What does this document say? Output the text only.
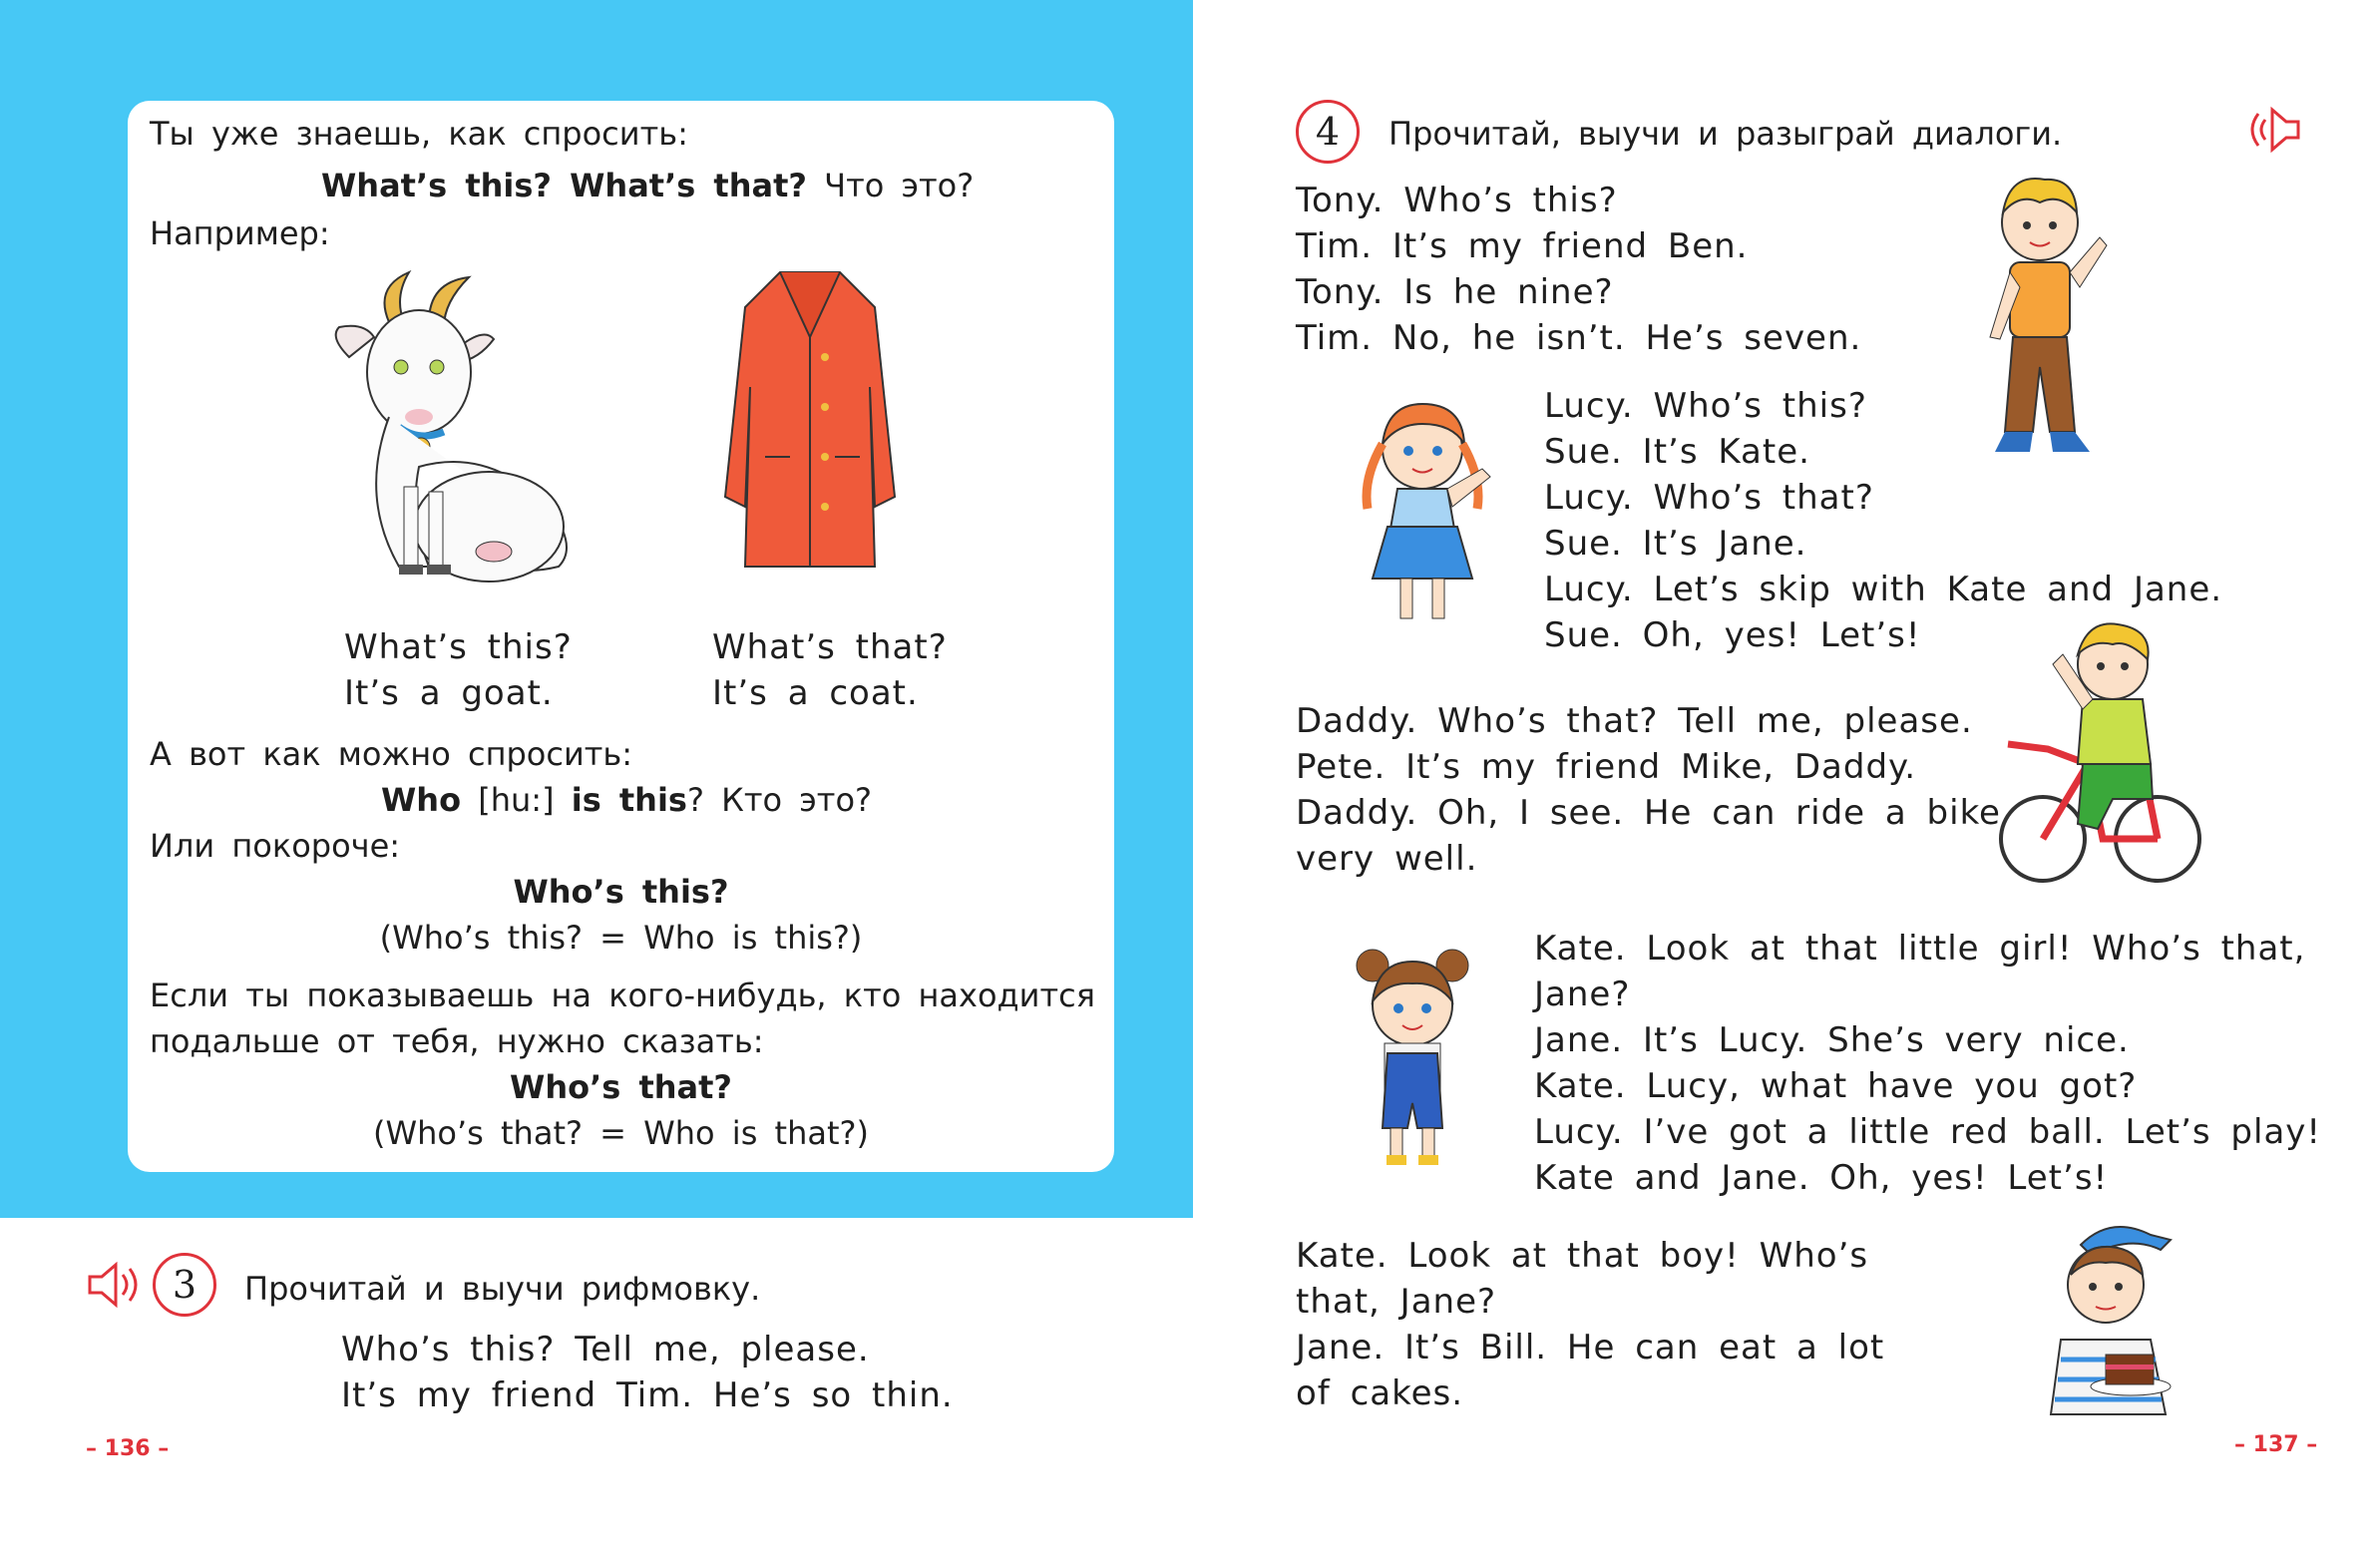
Ты уже знаешь, как спросить:
What’s this? What’s that? Что это?
Например:
What’s this?
It’s a goat.
What’s that?
It’s a coat.
А вот как можно спросить:
Who [hu:] is this? Кто это?
Или покороче:
Who’s this?
(Who’s this? = Who is this?)
Если ты показываешь на кого-нибудь, кто находится
подальше от тебя, нужно сказать:
Who’s that?
(Who’s that? = Who is that?)
3	Прочитай и выучи рифмовку.
Who’s this? Tell me, please.
It’s my friend Tim. He’s so thin.
– 136 –
4	Прочитай, выучи и разыграй диалоги.
Tony. Who’s this?
Tim. It’s my friend Ben.
Tony. Is he nine?
Tim. No, he isn’t. He’s seven.
Lucy. Who’s this?
Sue. It’s Kate.
Lucy. Who’s that?
Sue. It’s Jane.
Lucy. Let’s skip with Kate and Jane.
Sue. Oh, yes! Let’s!
Daddy. Who’s that? Tell me, please.
Pete. It’s my friend Mike, Daddy.
Daddy. Oh, I see. He can ride a bike
very well.
Kate. Look at that little girl! Who’s that,
Jane?
Jane. It’s Lucy. She’s very nice.
Kate. Lucy, what have you got?
Lucy. I’ve got a little red ball. Let’s play!
Kate and Jane. Oh, yes! Let’s!
Kate. Look at that boy! Who’s
that, Jane?
Jane. It’s Bill. He can eat a lot
of cakes.
– 137 –
